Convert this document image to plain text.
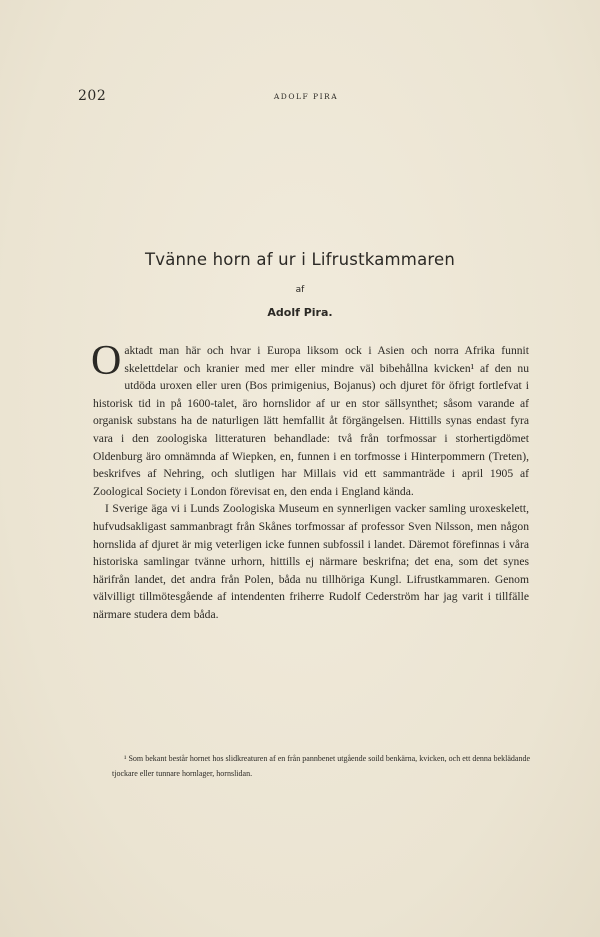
202	ADOLF PIRA
Tvänne horn af ur i Lifrustkammaren
af
Adolf Pira.

Oaktadt man här och hvar i Europa liksom ock i Asien och norra Afrika funnit skelettdelar och kranier med mer eller mindre väl bibehållna kvicken¹ af den nu utdöda uroxen eller uren (Bos primigenius, Bojanus) och djuret för öfrigt fortlefvat i historisk tid in på 1600-talet, äro hornslidor af ur en stor sällsynthet; såsom varande af organisk substans ha de naturligen lätt hemfallit åt förgängelsen. Hittills synas endast fyra vara i den zoologiska litteraturen behandlade: två från torfmossar i storhertigdömet Oldenburg äro omnämnda af Wiepken, en, funnen i en torfmosse i Hinterpommern (Treten), beskrifves af Nehring, och slutligen har Millais vid ett sammanträde i april 1905 af Zoological Society i London förevisat en, den enda i England kända.

I Sverige äga vi i Lunds Zoologiska Museum en synnerligen vacker samling uroxeskelett, hufvudsakligast sammanbragt från Skånes torfmossar af professor Sven Nilsson, men någon hornslida af djuret är mig veterligen icke funnen subfossil i landet. Däremot förefinnas i våra historiska samlingar tvänne urhorn, hittills ej närmare beskrifna; det ena, som det synes härifrån landet, det andra från Polen, båda nu tillhöriga Kungl. Lifrustkammaren. Genom välvilligt tillmötesgående af intendenten friherre Rudolf Cederström har jag varit i tillfälle närmare studera dem båda.

¹ Som bekant består hornet hos slidkreaturen af en från pannbenet utgående soild benkärna, kvicken, och ett denna beklädande tjockare eller tunnare hornlager, hornslidan.
